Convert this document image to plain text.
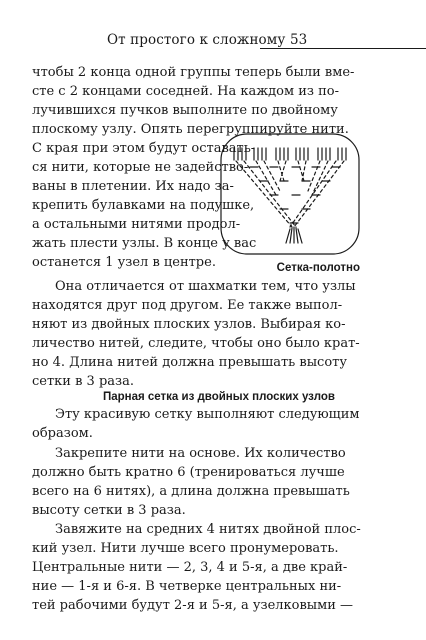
От простого к сложному 53

чтобы 2 конца одной группы теперь были вме-
сте с 2 концами соседней. На каждом из по-
лучившихся пучков выполните по двойному
плоскому узлу. Опять перегруппируйте нити.
С края при этом будут оставать-
ся нити, которые не задейство-
ваны в плетении. Их надо за-
крепить булавками на подушке,
а остальными нитями продол-
жать плести узлы. В конце у вас
останется 1 узел в центре.	Сетка-полотно

Она отличается от шахматки тем, что узлы
находятся друг под другом. Ее также выпол-
няют из двойных плоских узлов. Выбирая ко-
личество нитей, следите, чтобы оно было крат-
но 4. Длина нитей должна превышать высоту
сетки в 3 раза.

Парная сетка из двойных плоских узлов

Эту красивую сетку выполняют следующим
образом.

Закрепите нити на основе. Их количество
должно быть кратно 6 (тренироваться лучше
всего на 6 нитях), а длина должна превышать
высоту сетки в 3 раза.

Завяжите на средних 4 нитях двойной плос-
кий узел. Нити лучше всего пронумеровать.
Центральные нити — 2, 3, 4 и 5-я, а две край-
ние — 1-я и 6-я. В четверке центральных ни-
тей рабочими будут 2-я и 5-я, а узелковыми —
